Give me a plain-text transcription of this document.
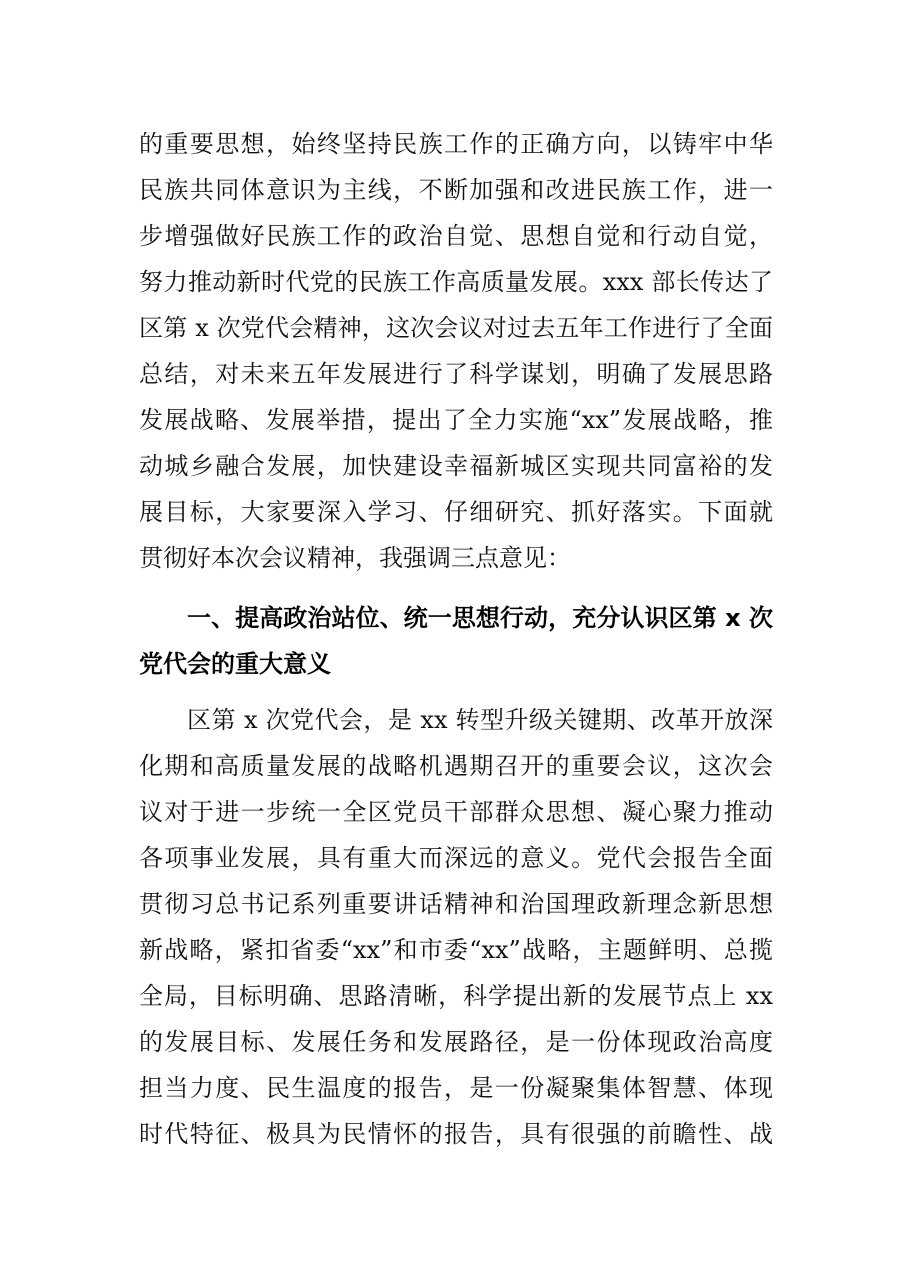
的重要思想，始终坚持民族工作的正确方向，以铸牢中华
民族共同体意识为主线，不断加强和改进民族工作，进一
步增强做好民族工作的政治自觉、思想自觉和行动自觉，
努力推动新时代党的民族工作高质量发展。xxx 部长传达了
区第 x 次党代会精神，这次会议对过去五年工作进行了全面
总结，对未来五年发展进行了科学谋划，明确了发展思路
发展战略、发展举措，提出了全力实施“xx”发展战略，推
动城乡融合发展，加快建设幸福新城区实现共同富裕的发
展目标，大家要深入学习、仔细研究、抓好落实。下面就
贯彻好本次会议精神，我强调三点意见：
一、提高政治站位、统一思想行动，充分认识区第 x 次
党代会的重大意义
区第 x 次党代会，是 xx 转型升级关键期、改革开放深
化期和高质量发展的战略机遇期召开的重要会议，这次会
议对于进一步统一全区党员干部群众思想、凝心聚力推动
各项事业发展，具有重大而深远的意义。党代会报告全面
贯彻习总书记系列重要讲话精神和治国理政新理念新思想
新战略，紧扣省委“xx”和市委“xx”战略，主题鲜明、总揽
全局，目标明确、思路清晰，科学提出新的发展节点上 xx
的发展目标、发展任务和发展路径，是一份体现政治高度
担当力度、民生温度的报告，是一份凝聚集体智慧、体现
时代特征、极具为民情怀的报告，具有很强的前瞻性、战
